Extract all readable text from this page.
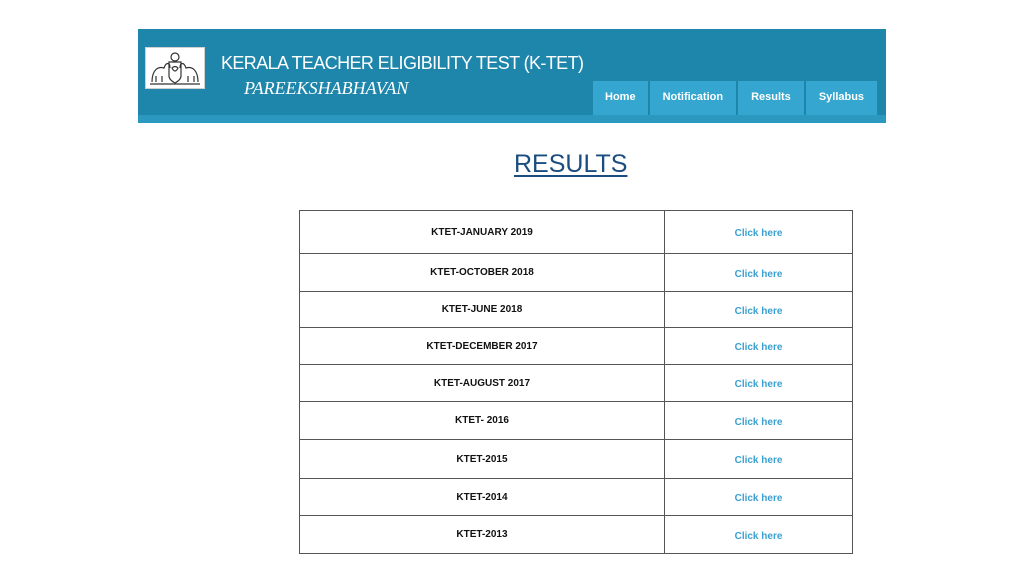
KERALA TEACHER ELIGIBILITY TEST (K-TET)
PAREEKSHABHAVAN	Home	Notification	Results	Syllabus
RESULTS
KTET-JANUARY 2019	Click here
KTET-OCTOBER 2018	Click here
KTET-JUNE 2018	Click here
KTET-DECEMBER 2017	Click here
KTET-AUGUST 2017	Click here
KTET- 2016	Click here
KTET-2015	Click here
KTET-2014	Click here
KTET-2013	Click here
